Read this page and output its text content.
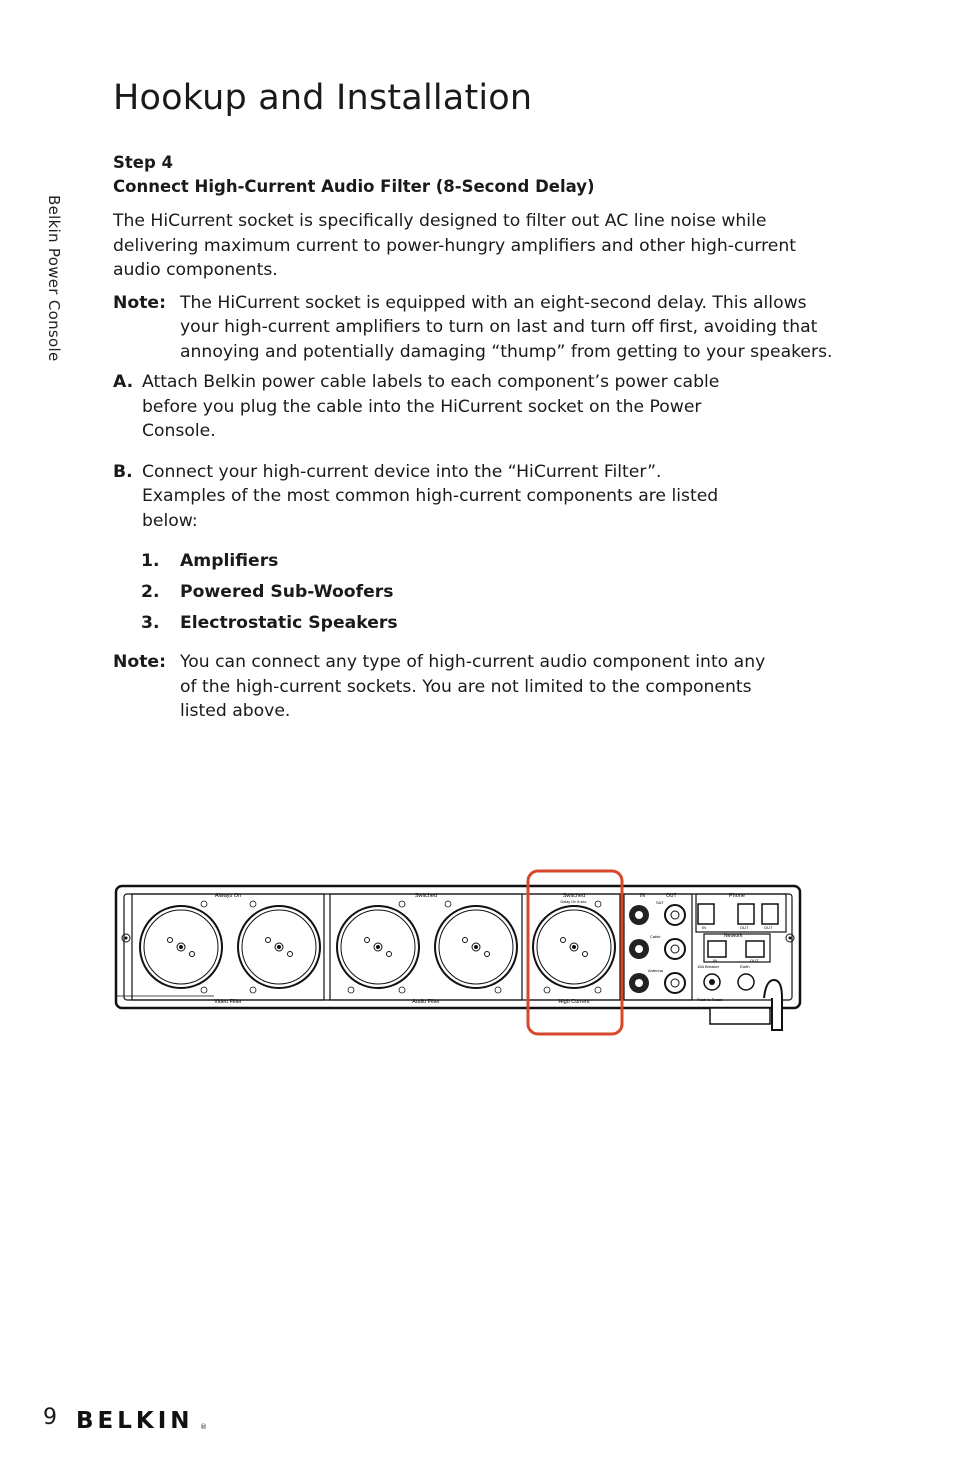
Belkin Power Console
Hookup and Installation
Step 4
Connect High-Current Audio Filter (8-Second Delay)

The HiCurrent socket is specifically designed to filter out AC line noise while delivering maximum current to power-hungry amplifiers and other high-current audio components.

Note: The HiCurrent socket is equipped with an eight-second delay. This allows your high-current amplifiers to turn on last and turn off first, avoiding that annoying and potentially damaging “thump” from getting to your speakers.
A. Attach Belkin power cable labels to each component’s power cable before you plug the cable into the HiCurrent socket on the Power Console.
B. Connect your high-current device into the “HiCurrent Filter”. Examples of the most common high-current components are listed below:
1.	Amplifiers
2.	Powered Sub-Woofers
3.	Electrostatic Speakers
Note: You can connect any type of high-current audio component into any of the high-current sockets. You are not limited to the components listed above.
Always On	Switched	Switched
Delay On 8 sec.
Video Filter	Audio Filter	High Current
IN	OUT
SAT
Cable
Antenna
Phone
IN	OUT	OUT
Network
IN	OUT
15A Breaker	Earth
Push to Reset
9 BELKIN ®
